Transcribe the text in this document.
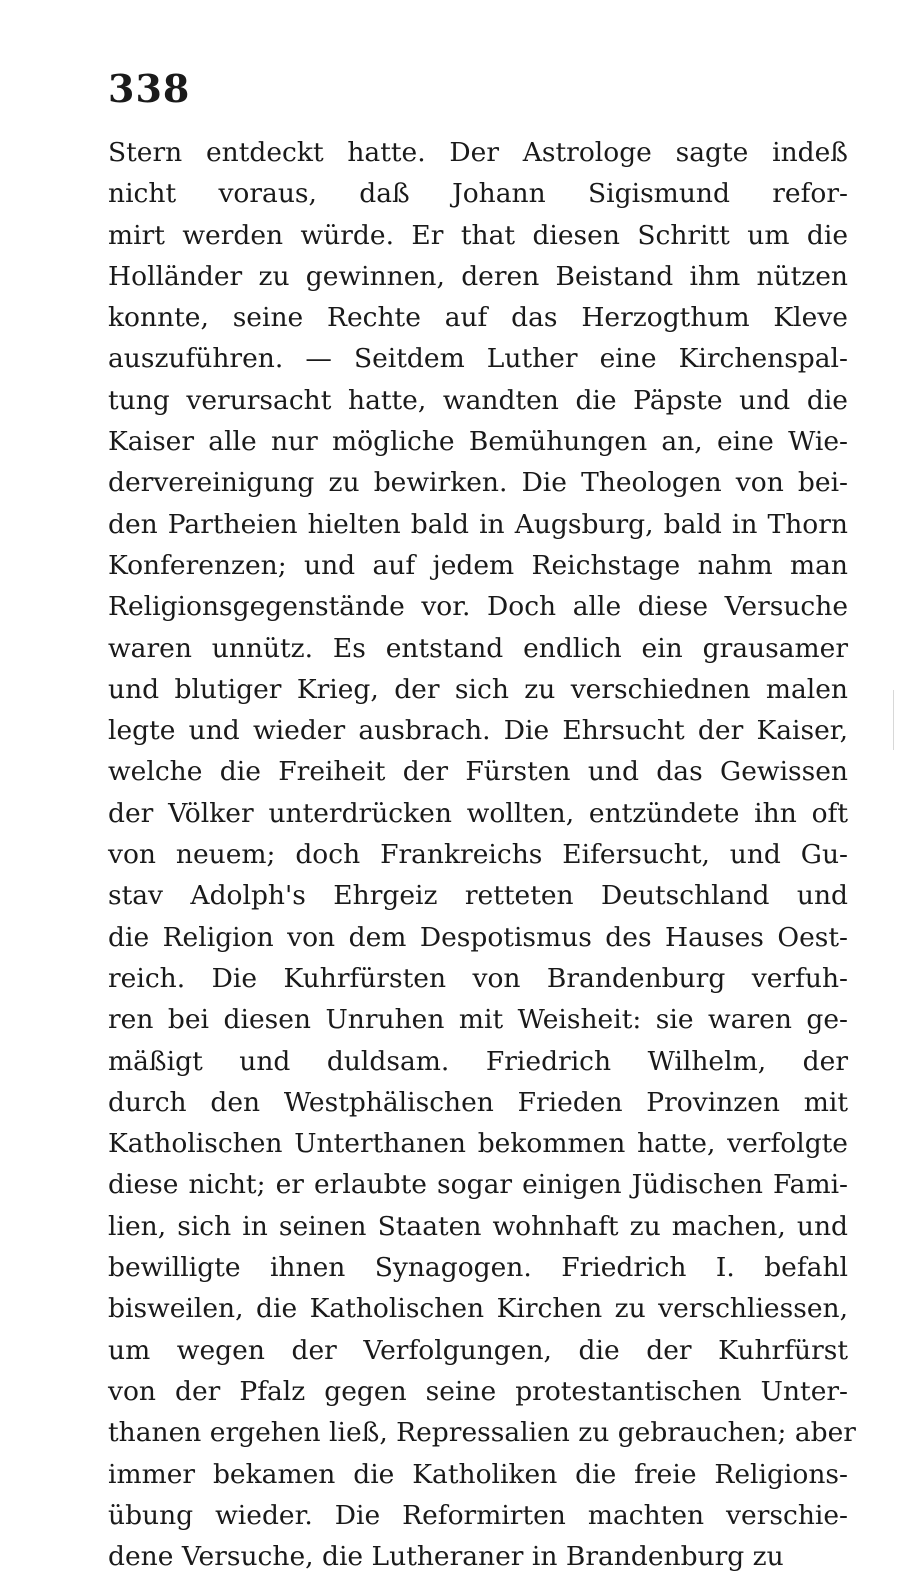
338
Stern entdeckt hatte. Der Astrologe sagte indeß
nicht voraus, daß Johann Sigismund refor-
mirt werden würde. Er that diesen Schritt um die
Holländer zu gewinnen, deren Beistand ihm nützen
konnte, seine Rechte auf das Herzogthum Kleve
auszuführen. — Seitdem Luther eine Kirchenspal-
tung verursacht hatte, wandten die Päpste und die
Kaiser alle nur mögliche Bemühungen an, eine Wie-
dervereinigung zu bewirken. Die Theologen von bei-
den Partheien hielten bald in Augsburg, bald in Thorn
Konferenzen; und auf jedem Reichstage nahm man
Religionsgegenstände vor. Doch alle diese Versuche
waren unnütz. Es entstand endlich ein grausamer
und blutiger Krieg, der sich zu verschiednen malen
legte und wieder ausbrach. Die Ehrsucht der Kaiser,
welche die Freiheit der Fürsten und das Gewissen
der Völker unterdrücken wollten, entzündete ihn oft
von neuem; doch Frankreichs Eifersucht, und Gu-
stav Adolph's Ehrgeiz retteten Deutschland und
die Religion von dem Despotismus des Hauses Oest-
reich. Die Kuhrfürsten von Brandenburg verfuh-
ren bei diesen Unruhen mit Weisheit: sie waren ge-
mäßigt und duldsam. Friedrich Wilhelm, der
durch den Westphälischen Frieden Provinzen mit
Katholischen Unterthanen bekommen hatte, verfolgte
diese nicht; er erlaubte sogar einigen Jüdischen Fami-
lien, sich in seinen Staaten wohnhaft zu machen, und
bewilligte ihnen Synagogen. Friedrich I. befahl
bisweilen, die Katholischen Kirchen zu verschliessen,
um wegen der Verfolgungen, die der Kuhrfürst
von der Pfalz gegen seine protestantischen Unter-
thanen ergehen ließ, Repressalien zu gebrauchen; aber
immer bekamen die Katholiken die freie Religions-
übung wieder. Die Reformirten machten verschie-
dene Versuche, die Lutheraner in Brandenburg zu
